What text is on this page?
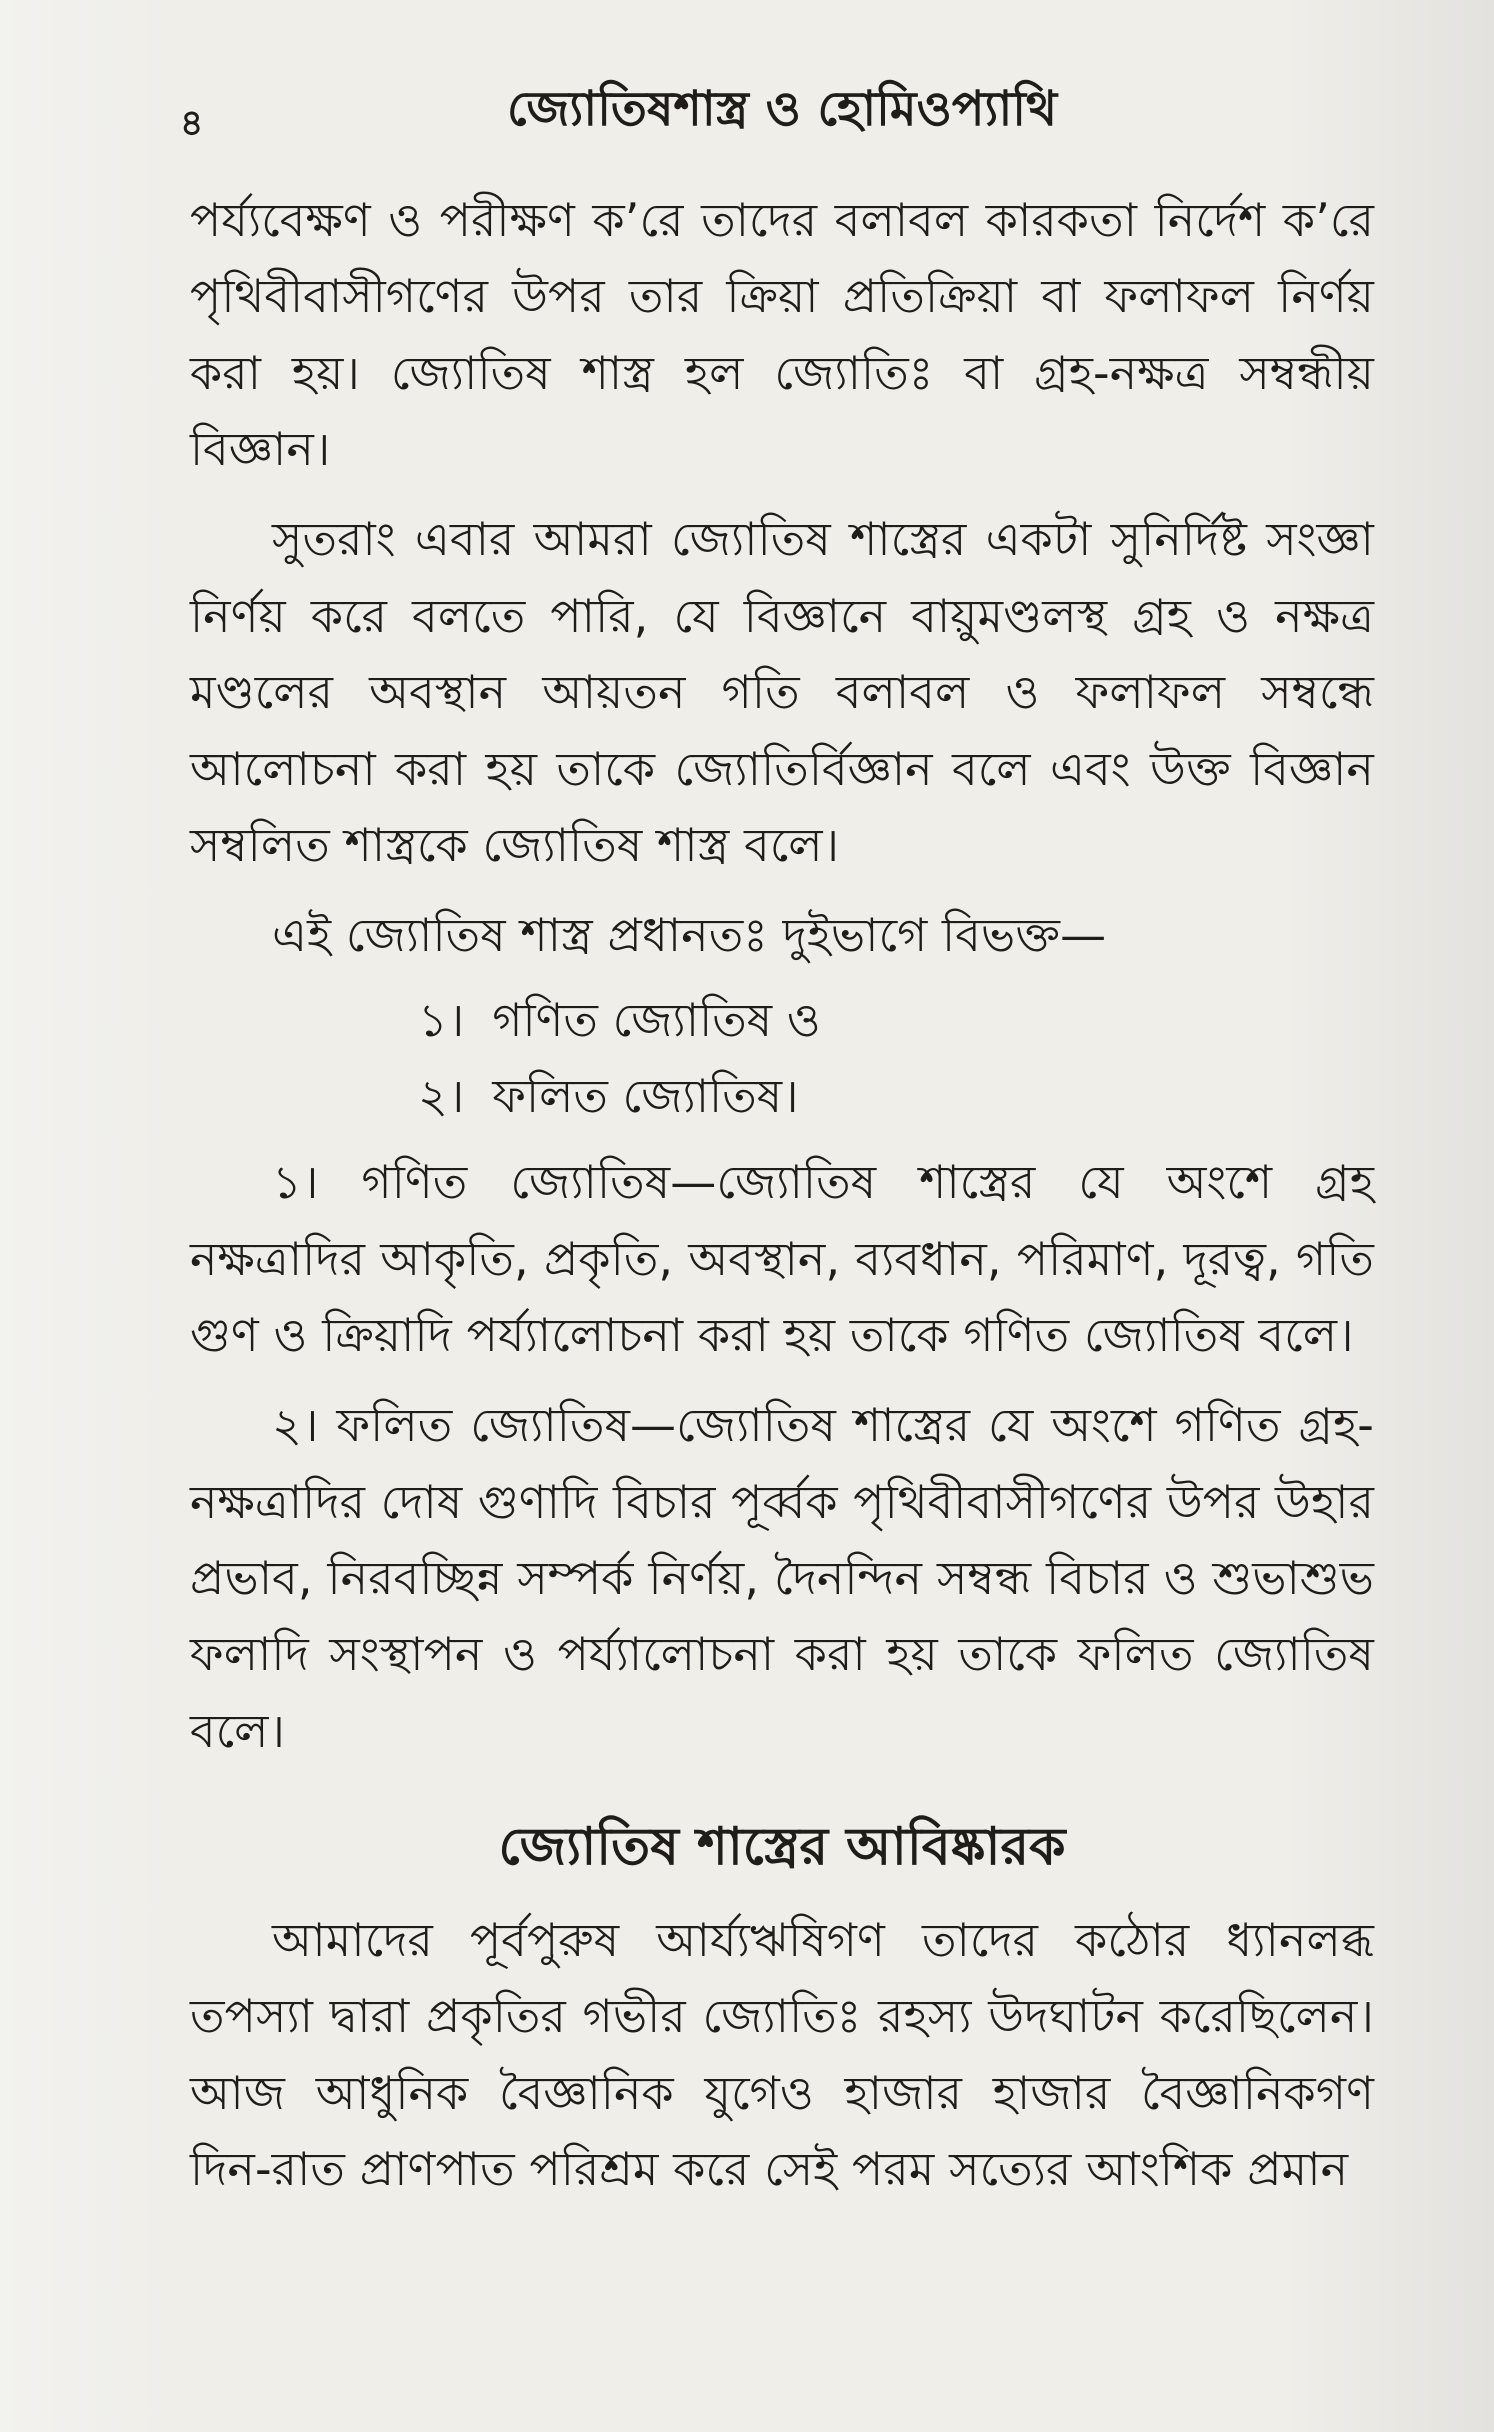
৪	জ্যোতিষশাস্ত্র ও হোমিওপ্যাথি

পর্য্যবেক্ষণ ও পরীক্ষণ ক’রে তাদের বলাবল কারকতা নির্দেশ ক’রে পৃথিবীবাসীগণের উপর তার ক্রিয়া প্রতিক্রিয়া বা ফলাফল নির্ণয় করা হয়। জ্যোতিষ শাস্ত্র হল জ্যোতিঃ বা গ্রহ-নক্ষত্র সম্বন্ধীয় বিজ্ঞান।

সুতরাং এবার আমরা জ্যোতিষ শাস্ত্রের একটা সুনির্দিষ্ট সংজ্ঞা নির্ণয় করে বলতে পারি, যে বিজ্ঞানে বায়ুমণ্ডলস্থ গ্রহ ও নক্ষত্র মণ্ডলের অবস্থান আয়তন গতি বলাবল ও ফলাফল সম্বন্ধে আলোচনা করা হয় তাকে জ্যোতির্বিজ্ঞান বলে এবং উক্ত বিজ্ঞান সম্বলিত শাস্ত্রকে জ্যোতিষ শাস্ত্র বলে।

এই জ্যোতিষ শাস্ত্র প্রধানতঃ দুইভাগে বিভক্ত—

১। গণিত জ্যোতিষ ও
২। ফলিত জ্যোতিষ।

১। গণিত জ্যোতিষ—জ্যোতিষ শাস্ত্রের যে অংশে গ্রহ নক্ষত্রাদির আকৃতি, প্রকৃতি, অবস্থান, ব্যবধান, পরিমাণ, দূরত্ব, গতি গুণ ও ক্রিয়াদি পর্য্যালোচনা করা হয় তাকে গণিত জ্যোতিষ বলে।

২। ফলিত জ্যোতিষ—জ্যোতিষ শাস্ত্রের যে অংশে গণিত গ্রহ-নক্ষত্রাদির দোষ গুণাদি বিচার পূর্ব্বক পৃথিবীবাসীগণের উপর উহার প্রভাব, নিরবচ্ছিন্ন সম্পর্ক নির্ণয়, দৈনন্দিন সম্বন্ধ বিচার ও শুভাশুভ ফলাদি সংস্থাপন ও পর্য্যালোচনা করা হয় তাকে ফলিত জ্যোতিষ বলে।

জ্যোতিষ শাস্ত্রের আবিষ্কারক

আমাদের পূর্বপুরুষ আর্য্যঋষিগণ তাদের কঠোর ধ্যানলব্ধ তপস্যা দ্বারা প্রকৃতির গভীর জ্যোতিঃ রহস্য উদঘাটন করেছিলেন। আজ আধুনিক বৈজ্ঞানিক যুগেও হাজার হাজার বৈজ্ঞানিকগণ দিন-রাত প্রাণপাত পরিশ্রম করে সেই পরম সত্যের আংশিক প্রমান
